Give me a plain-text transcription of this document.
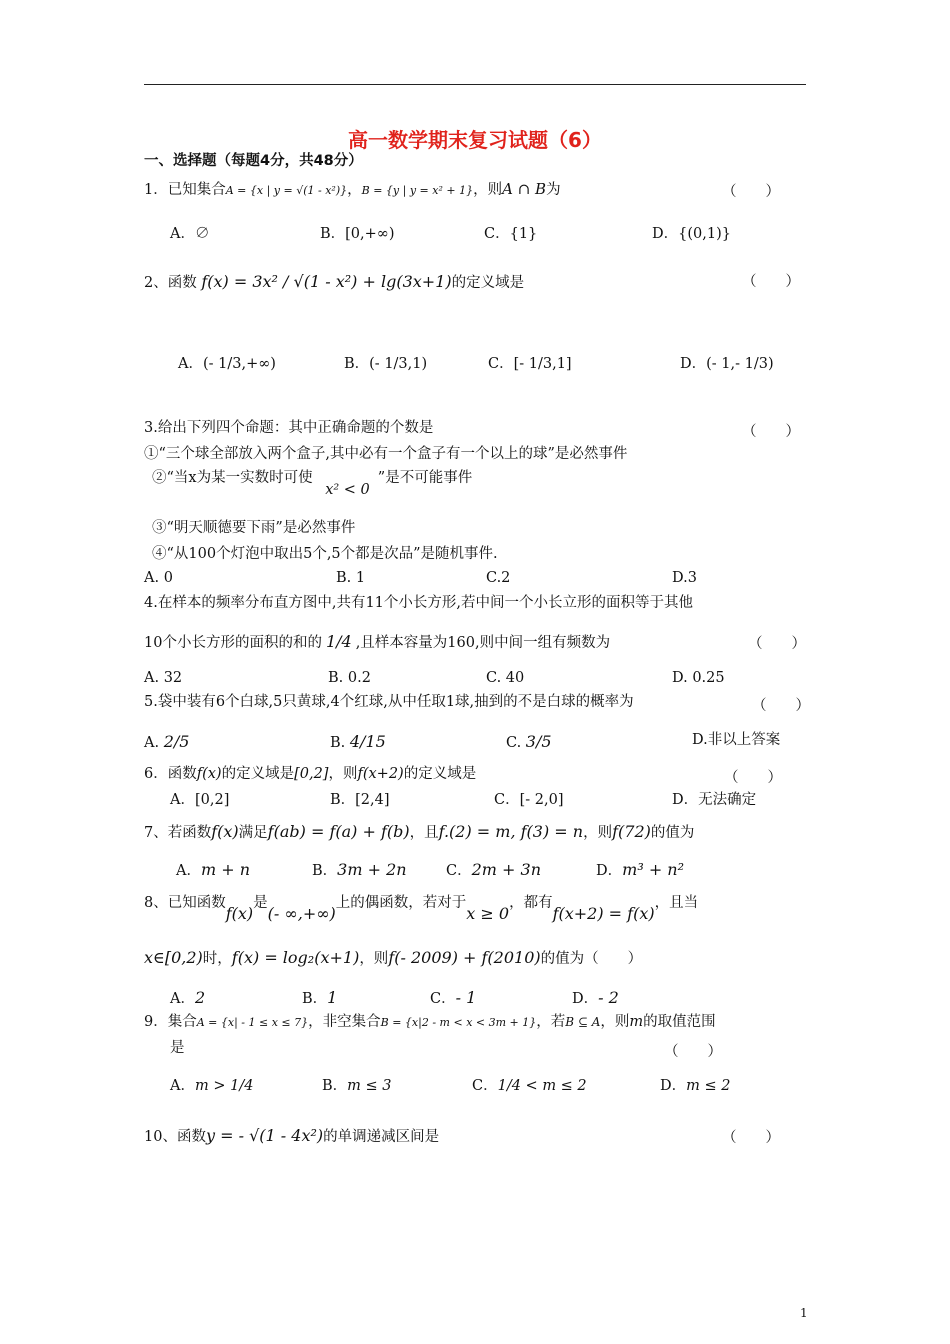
高一数学期末复习试题（6）
一、选择题（每题4分，共48分）
1．已知集合A = {x | y = √(1 - x²)}，B = {y | y = x² + 1}，则A ∩ B为	（　　）
A．∅	B．[0,+∞)	C．{1}	D．{(0,1)}
2、函数 f(x) = 3x² / √(1 - x²) + lg(3x+1)的定义域是	（　　）
A．(- 1/3,+∞)	B．(- 1/3,1)	C．[- 1/3,1]	D．(- 1,- 1/3)
3.给出下列四个命题：其中正确命题的个数是	（　　）
①“三个球全部放入两个盒子,其中必有一个盒子有一个以上的球”是必然事件
②“当x为某一实数时可使 x² < 0”是不可能事件
③“明天顺德要下雨”是必然事件
④“从100个灯泡中取出5个,5个都是次品”是随机事件.
A. 0	B. 1	C.2	D.3
4.在样本的频率分布直方图中,共有11个小长方形,若中间一个小长立形的面积等于其他
10个小长方形的面积的和的 1/4 ,且样本容量为160,则中间一组有频数为	（　　）
A. 32	B. 0.2	C. 40	D. 0.25
5.袋中装有6个白球,5只黄球,4个红球,从中任取1球,抽到的不是白球的概率为	（　　）
A. 2/5	B. 4/15	C. 3/5	D.非以上答案
6．函数f(x)的定义域是[0,2]，则f(x+2)的定义域是	（　　）
A．[0,2]	B．[2,4]	C．[- 2,0]	D．无法确定
7、若函数f(x)满足f(ab) = f(a) + f(b)，且f.(2) = m, f(3) = n，则f(72)的值为
A．m + n	B．3m + 2n	C．2m + 3n	D．m³ + n²
8、已知函数f(x)是(- ∞,+∞)上的偶函数，若对于x ≥ 0，都有f(x+2) = f(x)，且当
x∈[0,2)时，f(x) = log₂(x+1)，则f(- 2009) + f(2010)的值为（　　）
A．2	B．1	C．- 1	D．- 2
9．集合A = {x| - 1 ≤ x ≤ 7}，非空集合B = {x|2 - m < x < 3m + 1}，若B ⊆ A，则m的取值范围
是	（　　）
A．m > 1/4	B．m ≤ 3	C．1/4 < m ≤ 2	D．m ≤ 2
10、函数y = - √(1 - 4x²)的单调递减区间是	（　　）
1
